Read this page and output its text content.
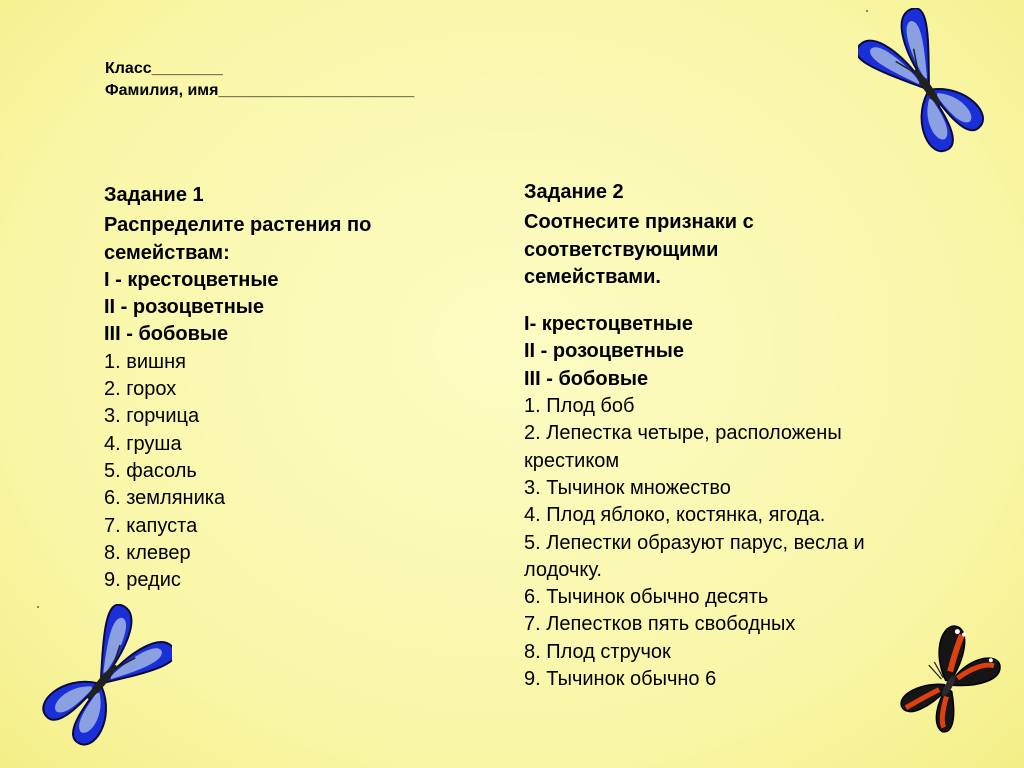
Класс________
Фамилия, имя______________________
Задание 1
Распределите растения по семействам:
I - крестоцветные
II - розоцветные
III - бобовые
1. вишня
2. горох
3. горчица
4. груша
5. фасоль
6. земляника
7. капуста
8. клевер
9. редис
Задание 2
Соотнесите признаки с соответствующими семействами.
I- крестоцветные
II - розоцветные
III - бобовые
1. Плод боб
2. Лепестка четыре, расположены крестиком
3. Тычинок множество
4. Плод яблоко, костянка, ягода.
5. Лепестки образуют парус, весла и лодочку.
6. Тычинок обычно десять
7. Лепестков пять свободных
8. Плод стручок
9. Тычинок обычно 6
